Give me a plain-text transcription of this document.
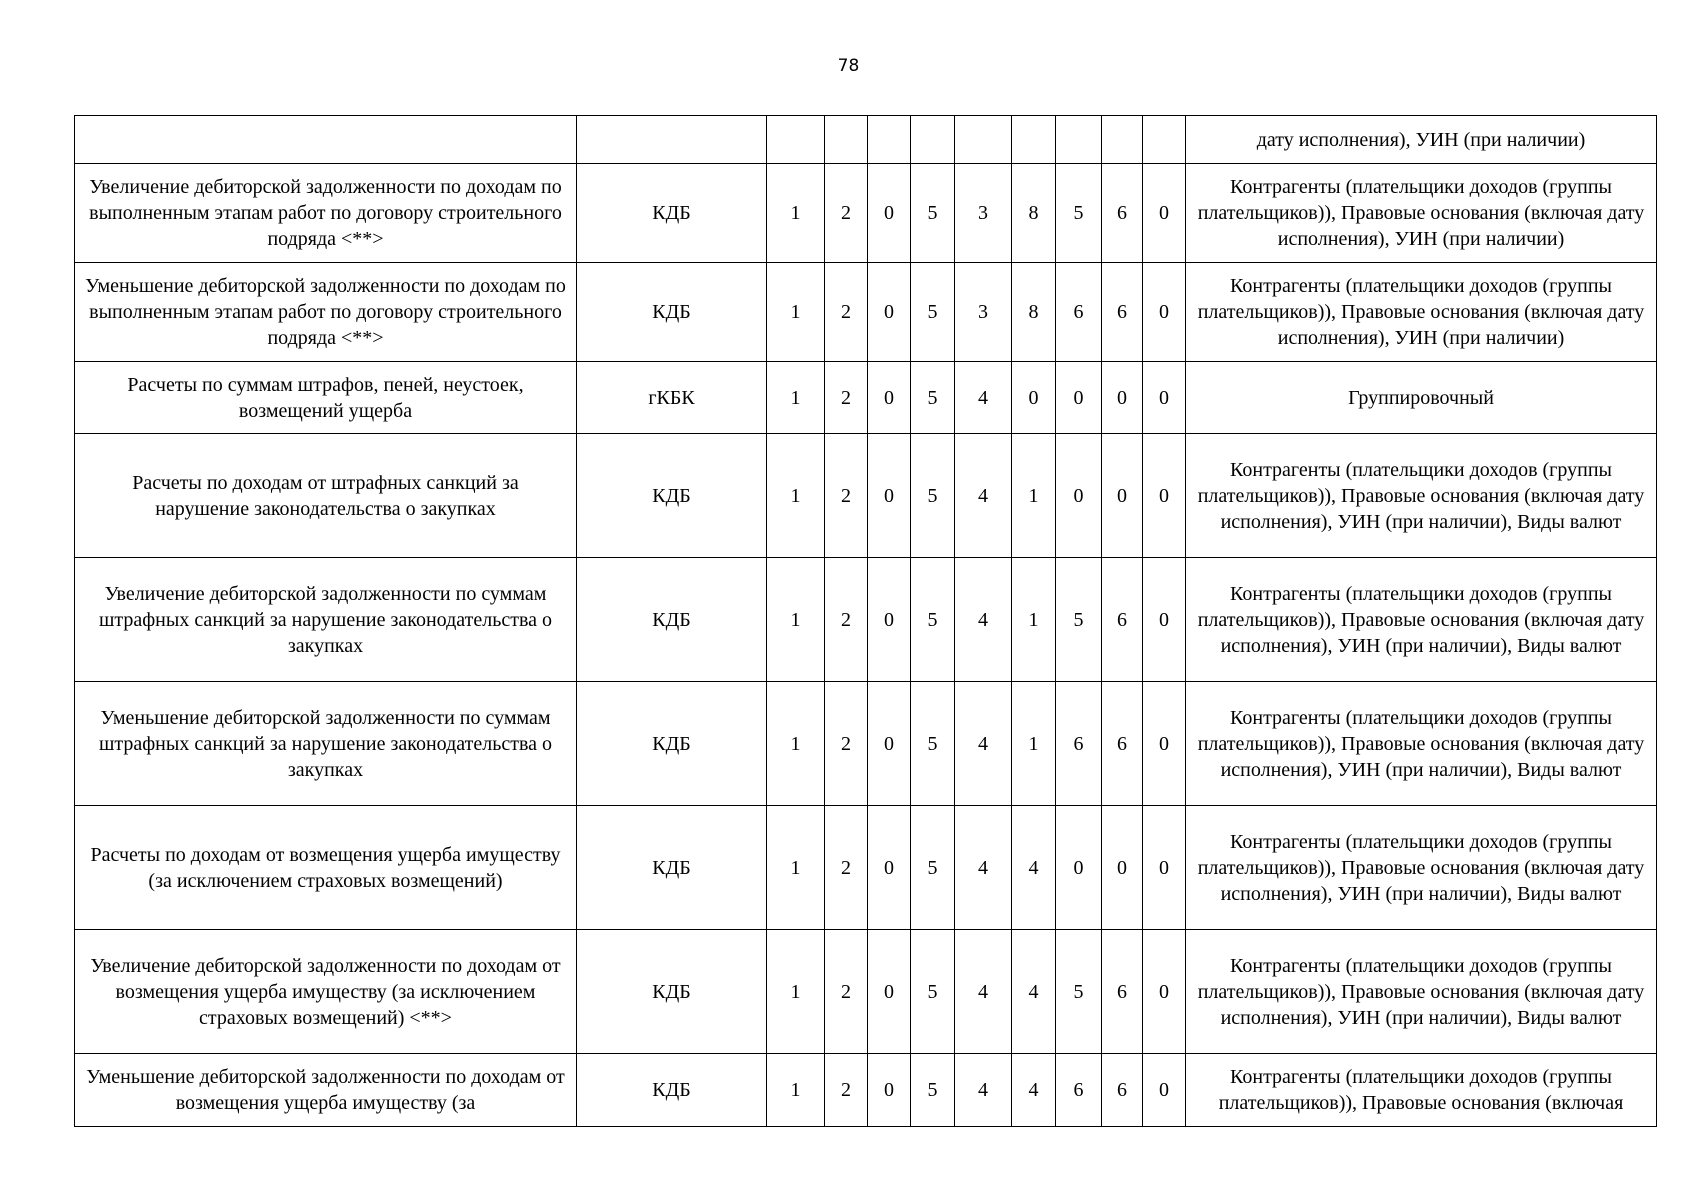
78
											дату исполнения), УИН (при наличии)
Увеличение дебиторской задолженности по доходам по выполненным этапам работ по договору строительного подряда <**>	КДБ	1	2	0	5	3	8	5	6	0	Контрагенты (плательщики доходов (группы плательщиков)), Правовые основания (включая дату исполнения), УИН (при наличии)
Уменьшение дебиторской задолженности по доходам по выполненным этапам работ по договору строительного подряда <**>	КДБ	1	2	0	5	3	8	6	6	0	Контрагенты (плательщики доходов (группы плательщиков)), Правовые основания (включая дату исполнения), УИН (при наличии)
Расчеты по суммам штрафов, пеней, неустоек, возмещений ущерба	гКБК	1	2	0	5	4	0	0	0	0	Группировочный
Расчеты по доходам от штрафных санкций за нарушение законодательства о закупках	КДБ	1	2	0	5	4	1	0	0	0	Контрагенты (плательщики доходов (группы плательщиков)), Правовые основания (включая дату исполнения), УИН (при наличии), Виды валют
Увеличение дебиторской задолженности по суммам штрафных санкций за нарушение законодательства о закупках	КДБ	1	2	0	5	4	1	5	6	0	Контрагенты (плательщики доходов (группы плательщиков)), Правовые основания (включая дату исполнения), УИН (при наличии), Виды валют
Уменьшение дебиторской задолженности по суммам штрафных санкций за нарушение законодательства о закупках	КДБ	1	2	0	5	4	1	6	6	0	Контрагенты (плательщики доходов (группы плательщиков)), Правовые основания (включая дату исполнения), УИН (при наличии), Виды валют
Расчеты по доходам от возмещения ущерба имуществу (за исключением страховых возмещений)	КДБ	1	2	0	5	4	4	0	0	0	Контрагенты (плательщики доходов (группы плательщиков)), Правовые основания (включая дату исполнения), УИН (при наличии), Виды валют
Увеличение дебиторской задолженности по доходам от возмещения ущерба имуществу (за исключением страховых возмещений) <**>	КДБ	1	2	0	5	4	4	5	6	0	Контрагенты (плательщики доходов (группы плательщиков)), Правовые основания (включая дату исполнения), УИН (при наличии), Виды валют
Уменьшение дебиторской задолженности по доходам от возмещения ущерба имуществу (за	КДБ	1	2	0	5	4	4	6	6	0	Контрагенты (плательщики доходов (группы плательщиков)), Правовые основания (включая
